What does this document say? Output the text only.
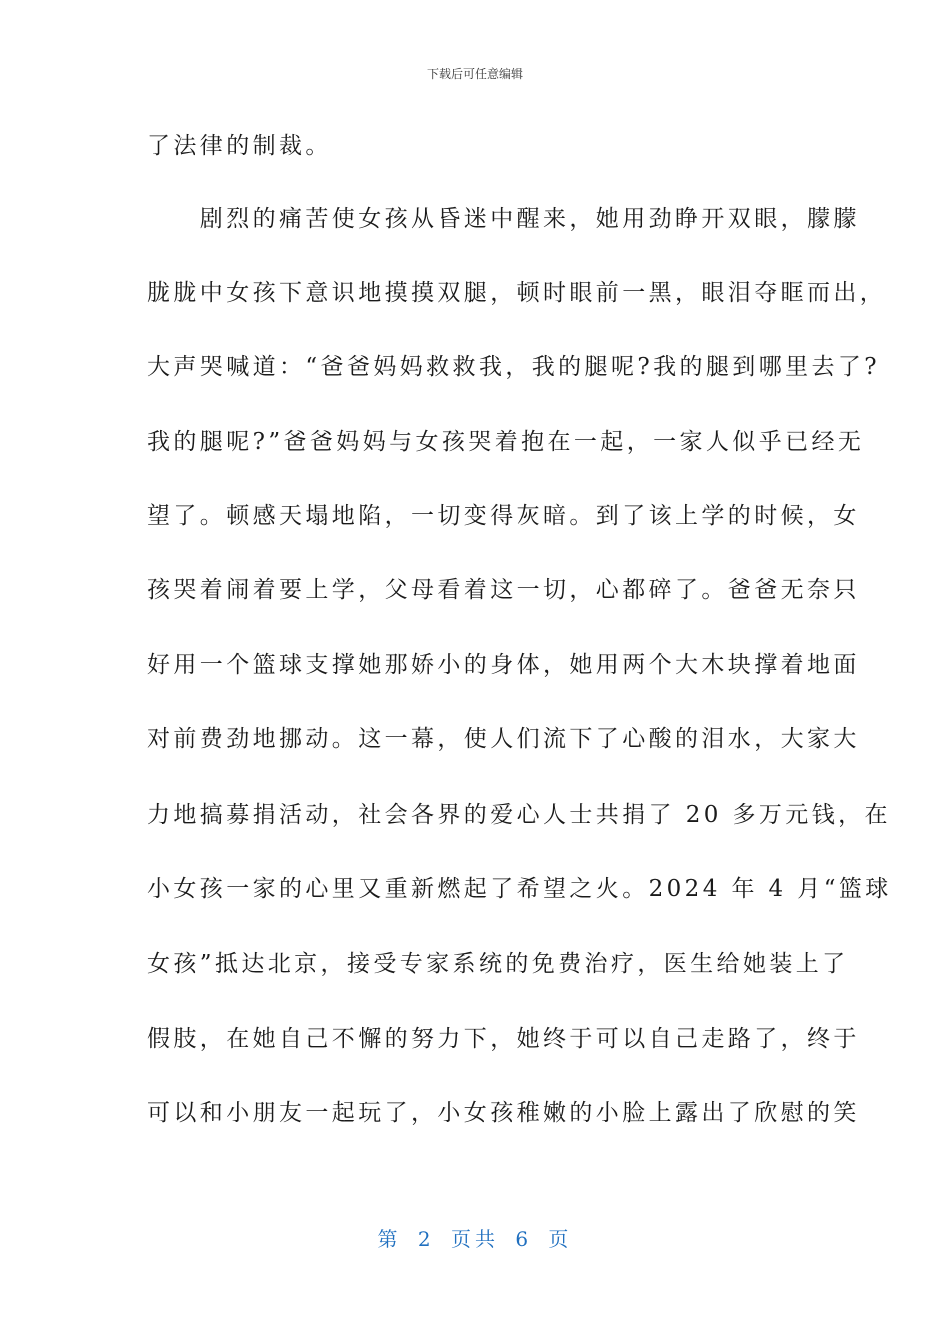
下载后可任意编辑
了法律的制裁。
　　剧烈的痛苦使女孩从昏迷中醒来，她用劲睁开双眼，朦朦
胧胧中女孩下意识地摸摸双腿，顿时眼前一黑，眼泪夺眶而出，
大声哭喊道：“爸爸妈妈救救我，我的腿呢?我的腿到哪里去了?
我的腿呢?”爸爸妈妈与女孩哭着抱在一起，一家人似乎已经无
望了。顿感天塌地陷，一切变得灰暗。到了该上学的时候，女
孩哭着闹着要上学，父母看着这一切，心都碎了。爸爸无奈只
好用一个篮球支撑她那娇小的身体，她用两个大木块撑着地面
对前费劲地挪动。这一幕，使人们流下了心酸的泪水，大家大
力地搞募捐活动，社会各界的爱心人士共捐了 20 多万元钱，在
小女孩一家的心里又重新燃起了希望之火。2024 年 4 月“篮球
女孩”抵达北京，接受专家系统的免费治疗，医生给她装上了
假肢，在她自己不懈的努力下，她终于可以自己走路了，终于
可以和小朋友一起玩了，小女孩稚嫩的小脸上露出了欣慰的笑
第 2 页共 6 页
